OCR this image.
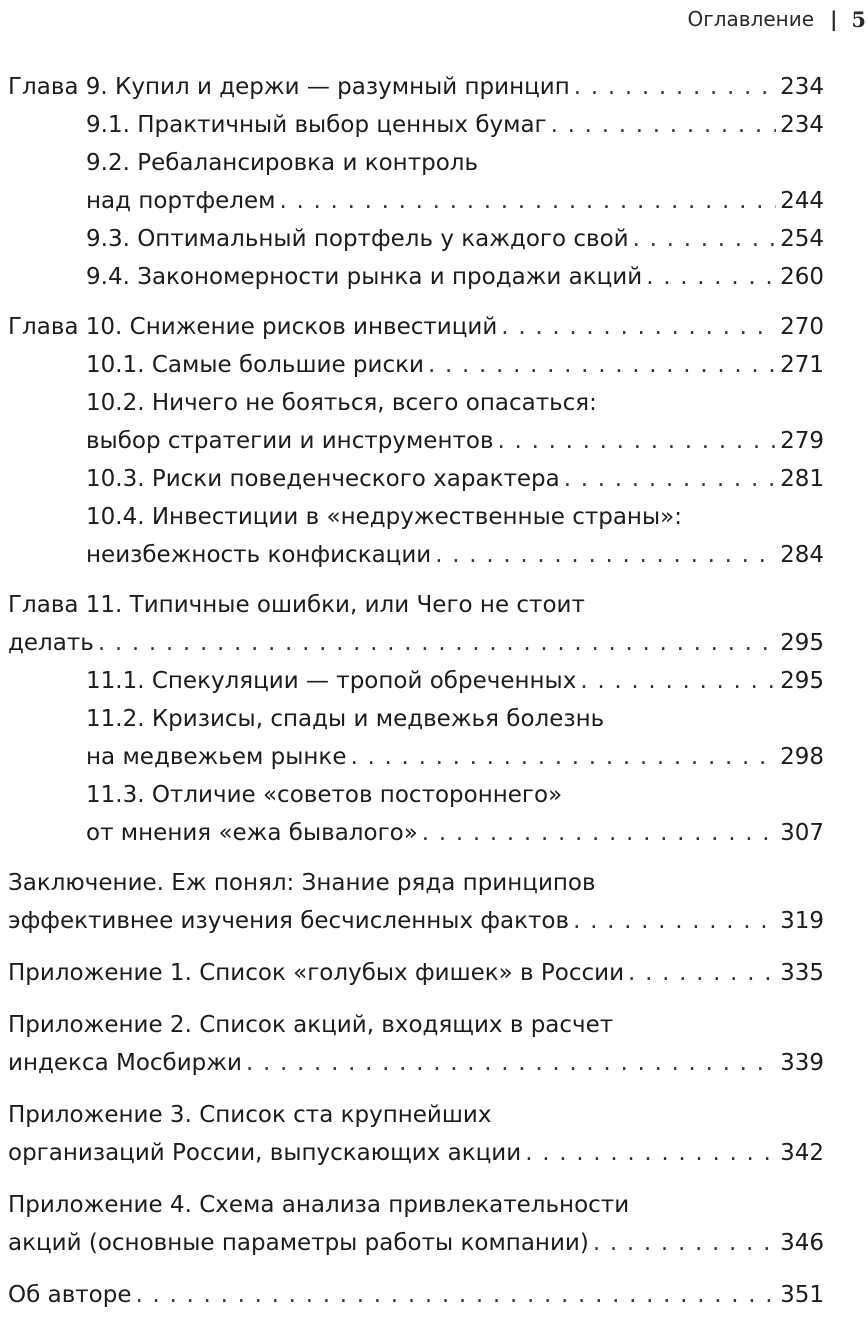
Оглавление | 5
Глава 9. Купил и держи — разумный принцип . . .	234
9.1. Практичный выбор ценных бумаг . . .	234
9.2. Ребалансировка и контроль
над портфелем . . .	244
9.3. Оптимальный портфель у каждого свой . . .	254
9.4. Закономерности рынка и продажи акций . . .	260
Глава 10. Снижение рисков инвестиций . . .	270
10.1. Самые большие риски . . .	271
10.2. Ничего не бояться, всего опасаться:
выбор стратегии и инструментов . . .	279
10.3. Риски поведенческого характера . . .	281
10.4. Инвестиции в «недружественные страны»:
неизбежность конфискации . . .	284
Глава 11. Типичные ошибки, или Чего не стоит
делать . . .	295
11.1. Спекуляции — тропой обреченных . . .	295
11.2. Кризисы, спады и медвежья болезнь
на медвежьем рынке . . .	298
11.3. Отличие «советов постороннего»
от мнения «ежа бывалого» . . .	307
Заключение. Еж понял: Знание ряда принципов
эффективнее изучения бесчисленных фактов . . .	319
Приложение 1. Список «голубых фишек» в России . . .	335
Приложение 2. Список акций, входящих в расчет
индекса Мосбиржи . . .	339
Приложение 3. Список ста крупнейших
организаций России, выпускающих акции . . .	342
Приложение 4. Схема анализа привлекательности
акций (основные параметры работы компании) . . .	346
Об авторе . . .	351
